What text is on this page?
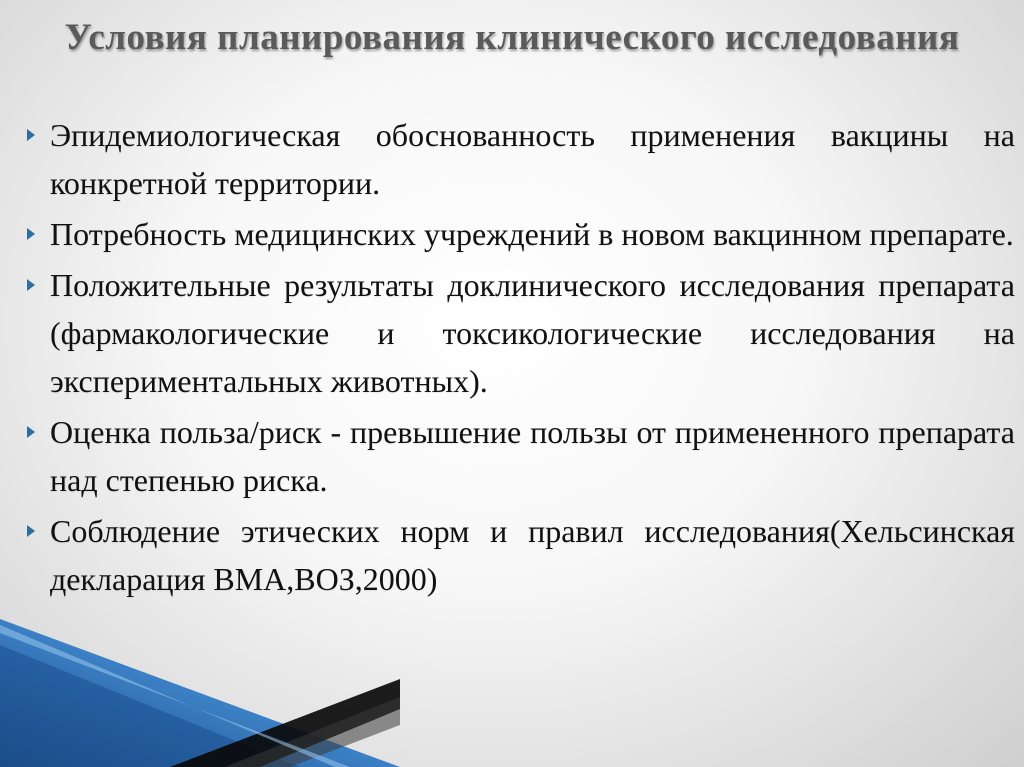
Условия планирования клинического исследования
Эпидемиологическая обоснованность применения вакцины на конкретной территории.
Потребность медицинских учреждений в новом вакцинном препарате.
Положительные результаты доклинического исследования препарата (фармакологические и токсикологические исследования на экспериментальных животных).
Оценка польза/риск - превышение пользы от примененного препарата над степенью риска.
Соблюдение этических норм и правил исследования(Хельсинская декларация ВМА,ВОЗ,2000)
